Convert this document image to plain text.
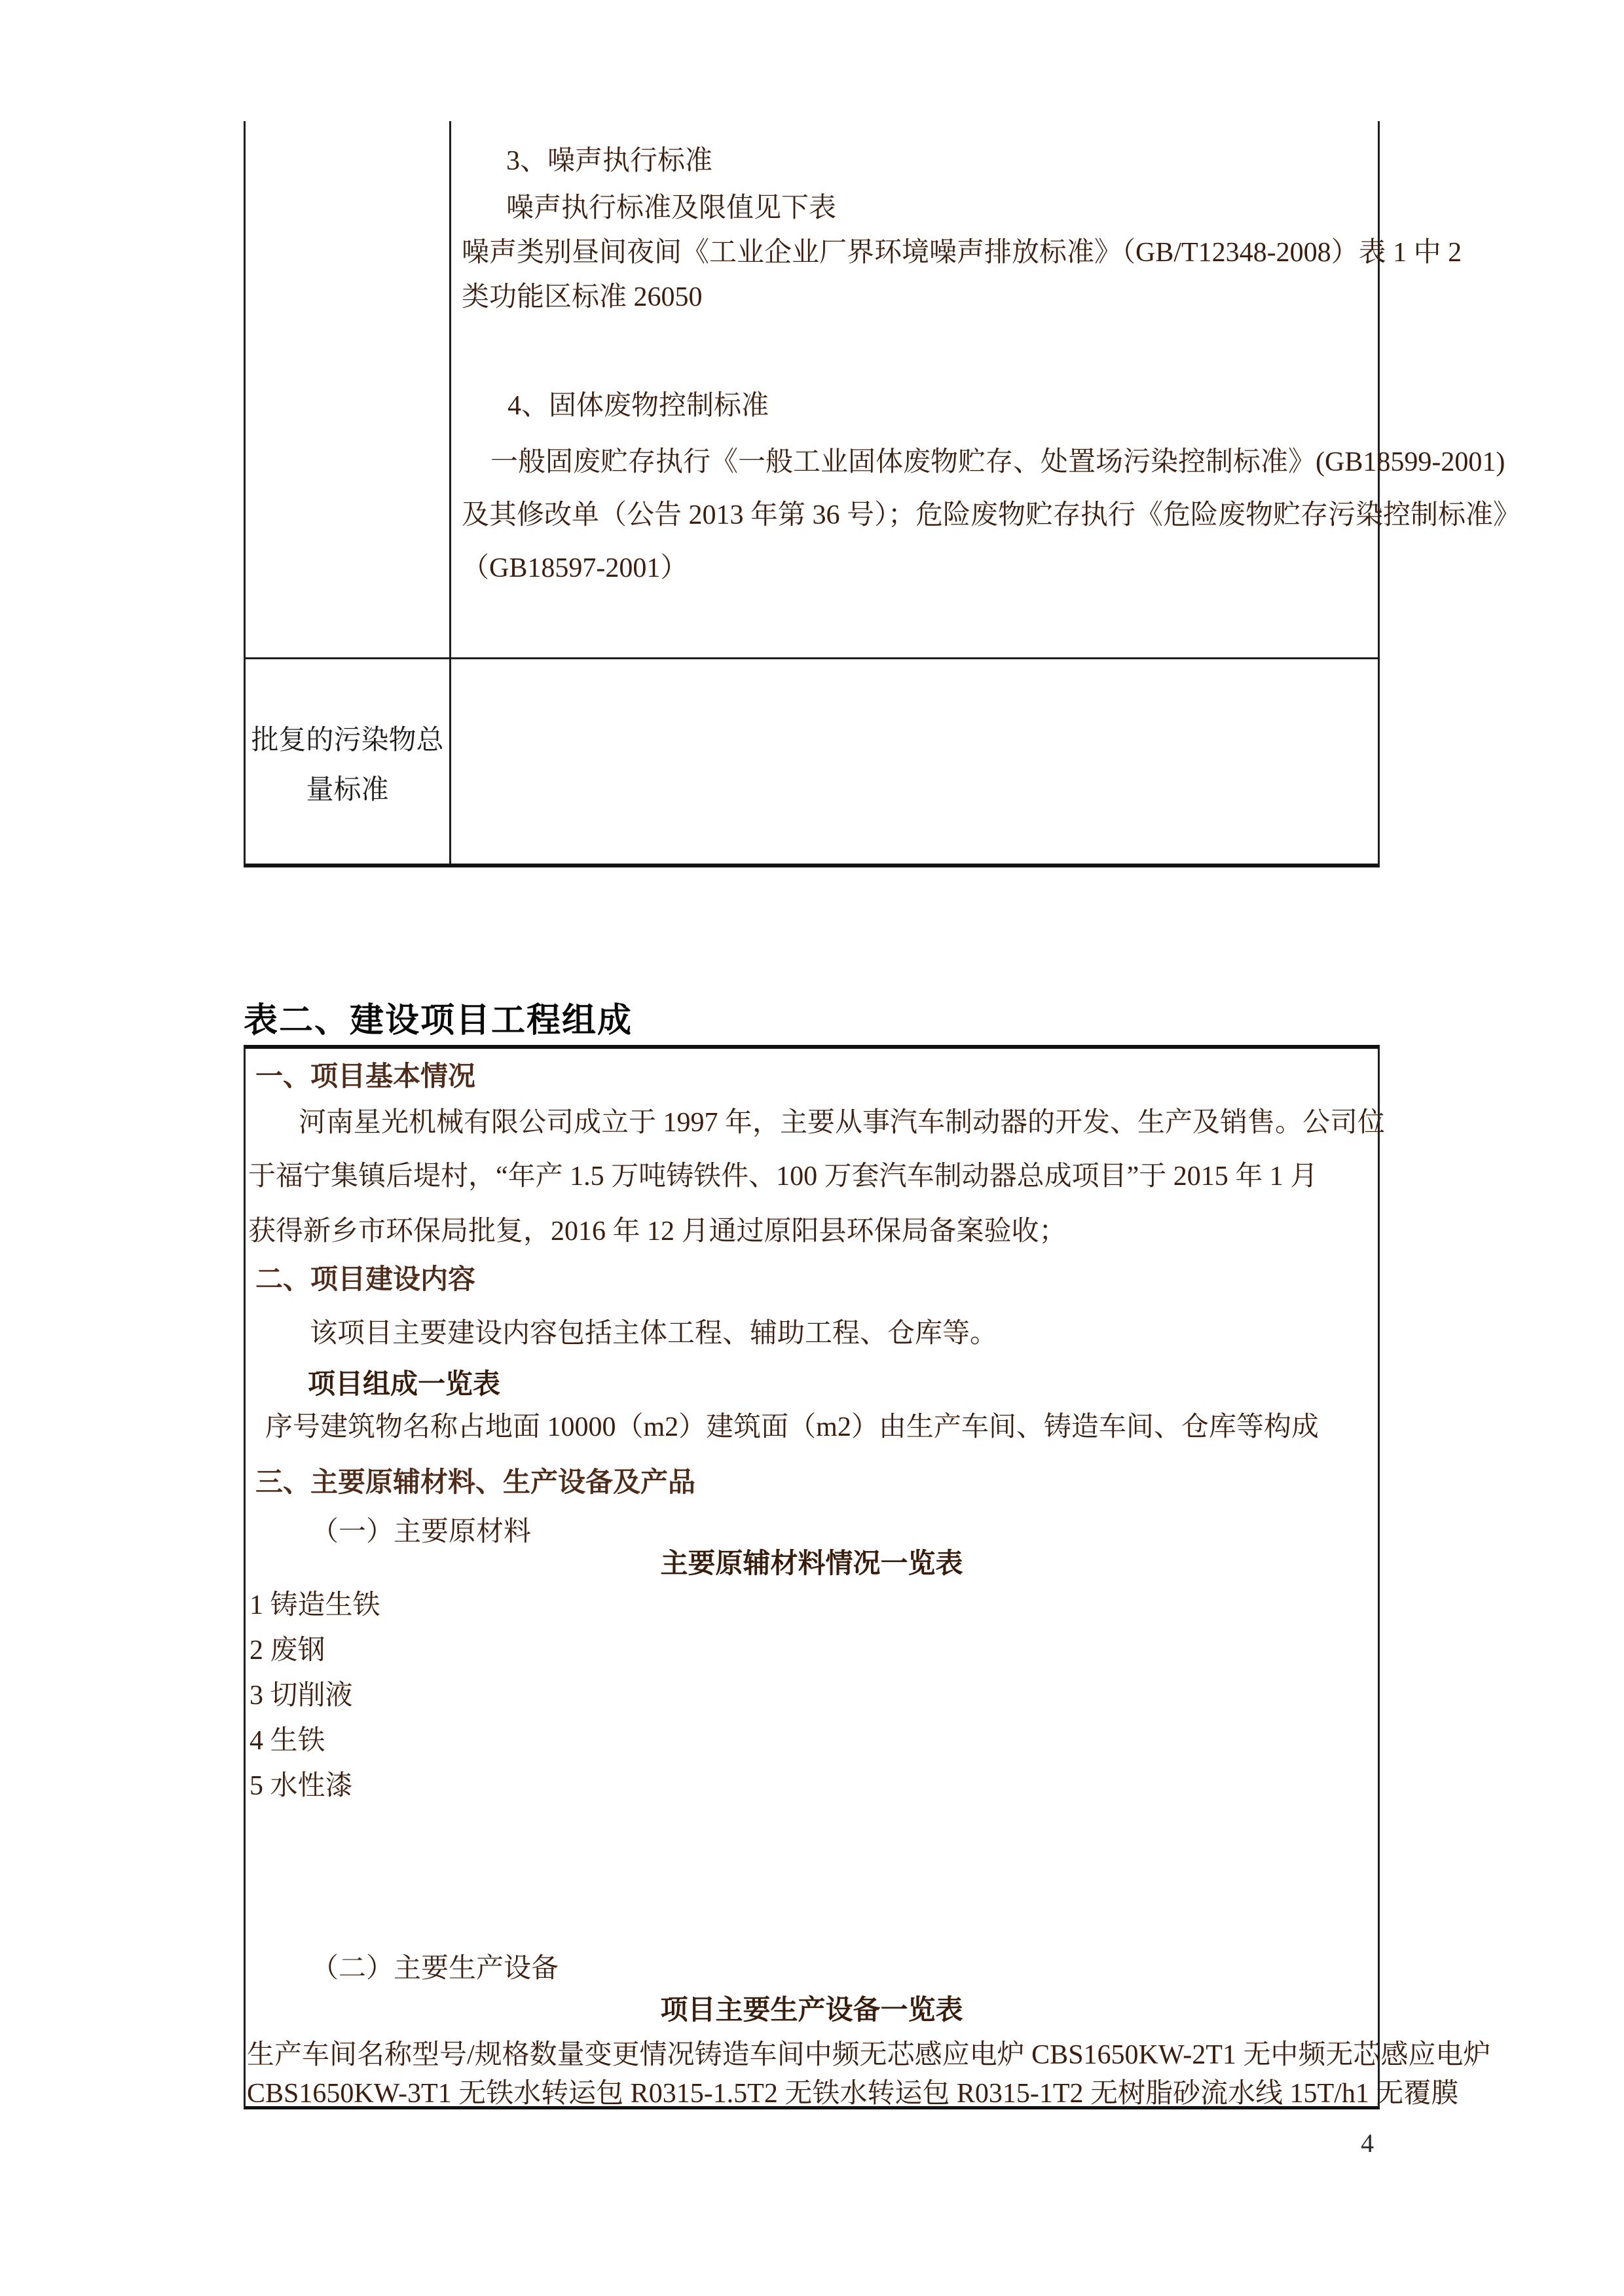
3、噪声执行标准
噪声执行标准及限值见下表
噪声类别昼间夜间《工业企业厂界环境噪声排放标准》（GB/T12348-2008）表 1 中 2
类功能区标准 26050
4、固体废物控制标准
一般固废贮存执行《一般工业固体废物贮存、处置场污染控制标准》(GB18599-2001)
及其修改单（公告 2013 年第 36 号）；危险废物贮存执行《危险废物贮存污染控制标准》
（GB18597-2001）
批复的污染物总
量标准
表二、建设项目工程组成
一、项目基本情况
河南星光机械有限公司成立于 1997 年，主要从事汽车制动器的开发、生产及销售。公司位
于福宁集镇后堤村，“年产 1.5 万吨铸铁件、100 万套汽车制动器总成项目”于 2015 年 1 月
获得新乡市环保局批复，2016 年 12 月通过原阳县环保局备案验收；
二、项目建设内容
该项目主要建设内容包括主体工程、辅助工程、仓库等。
项目组成一览表
序号建筑物名称占地面 10000（m2）建筑面（m2）由生产车间、铸造车间、仓库等构成
三、主要原辅材料、生产设备及产品
（一）主要原材料
主要原辅材料情况一览表
1 铸造生铁
2 废钢
3 切削液
4 生铁
5 水性漆
（二）主要生产设备
项目主要生产设备一览表
生产车间名称型号/规格数量变更情况铸造车间中频无芯感应电炉 CBS1650KW-2T1 无中频无芯感应电炉
CBS1650KW-3T1 无铁水转运包 R0315-1.5T2 无铁水转运包 R0315-1T2 无树脂砂流水线 15T/h1 无覆膜
4
